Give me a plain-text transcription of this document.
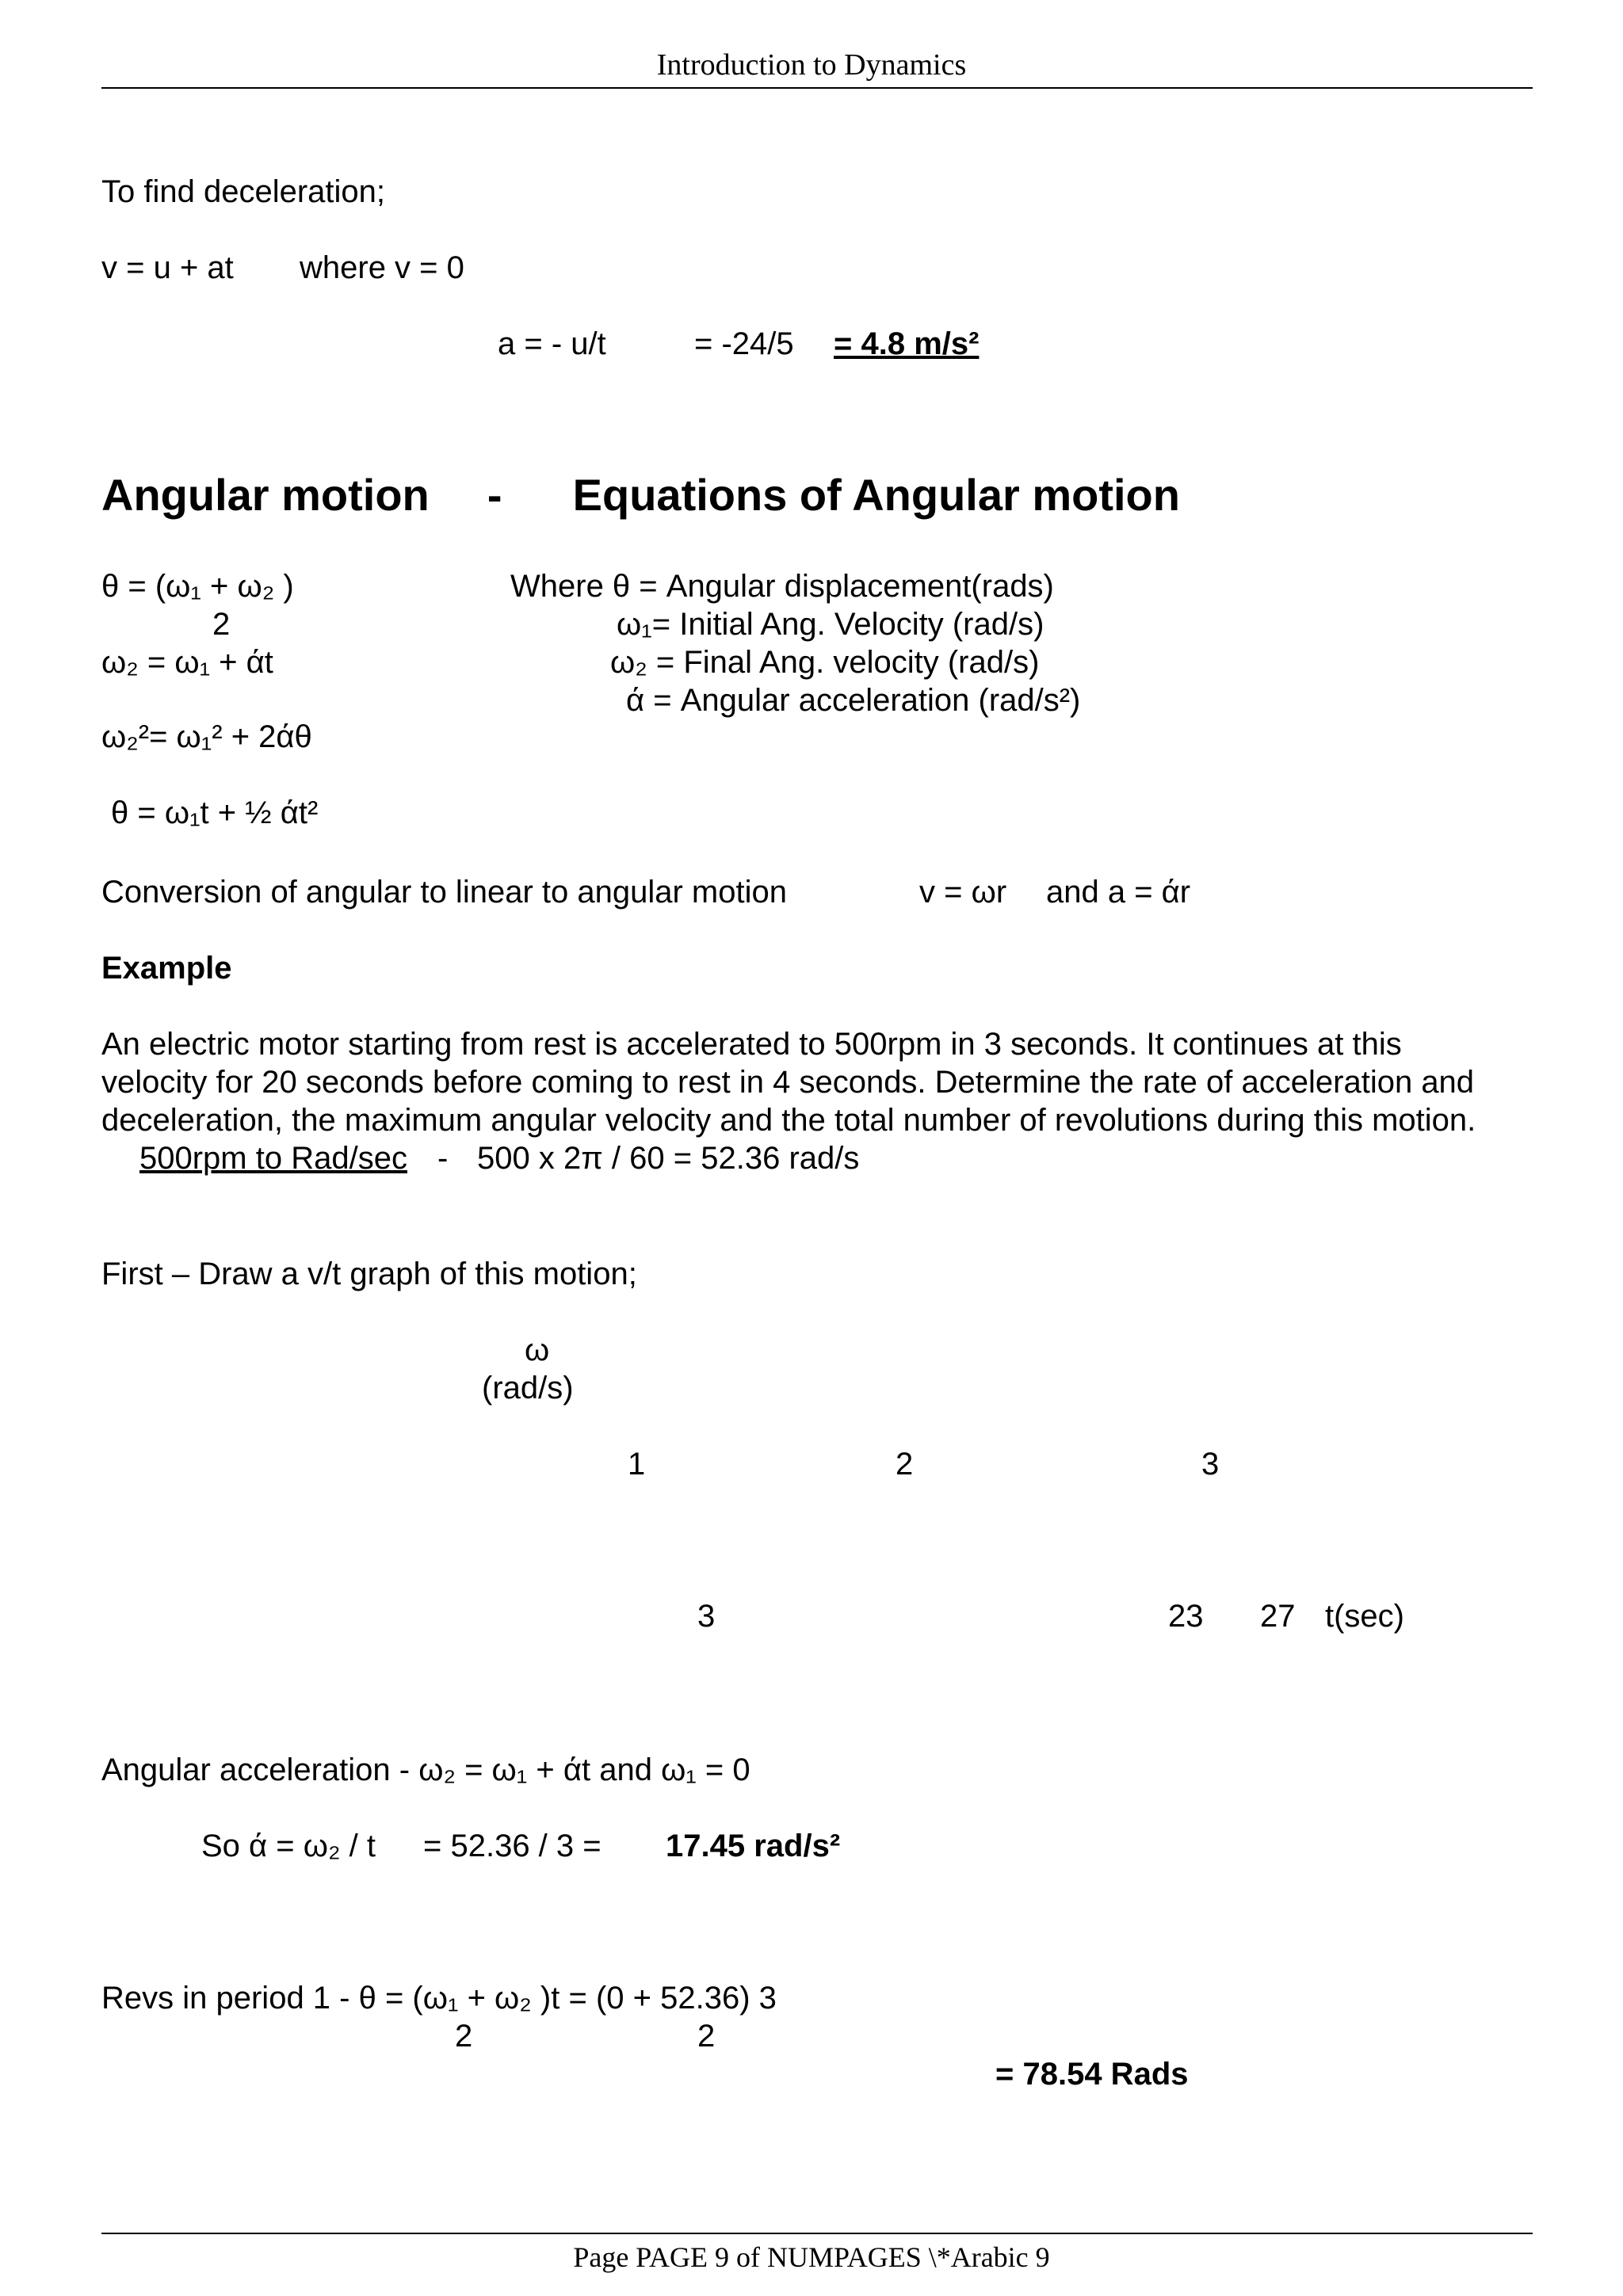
Introduction to Dynamics
To find deceleration;
v = u + at where v = 0
a = - u/t	= -24/5 = 4.8 m/s²
Angular motion - Equations of Angular motion
θ = (ω₁ + ω₂ )
2
ω₂ = ω₁ + άt
ω₂²= ω₁² + 2άθ
θ = ω₁t + ½ άt²
Where θ = Angular displacement(rads)
ω₁= Initial Ang. Velocity (rad/s)
ω₂ = Final Ang. velocity (rad/s)
ά = Angular acceleration (rad/s²)
Conversion of angular to linear to angular motion	v = ωr and a = άr
Example
An electric motor starting from rest is accelerated to 500rpm in 3 seconds. It continues at this
velocity for 20 seconds before coming to rest in 4 seconds. Determine the rate of acceleration and
deceleration, the maximum angular velocity and the total number of revolutions during this motion.
500rpm to Rad/sec - 500 x 2π / 60 = 52.36 rad/s
First – Draw a v/t graph of this motion;
ω
(rad/s)
1	2	3
3	23 27 t(sec)
Angular acceleration - ω₂ = ω₁ + άt and ω₁ = 0
So ά = ω₂ / t = 52.36 / 3 = 17.45 rad/s²
Revs in period 1 - θ = (ω₁ + ω₂ )t = (0 + 52.36) 3
2	2
= 78.54 Rads
Page PAGE 9 of NUMPAGES \*Arabic 9
